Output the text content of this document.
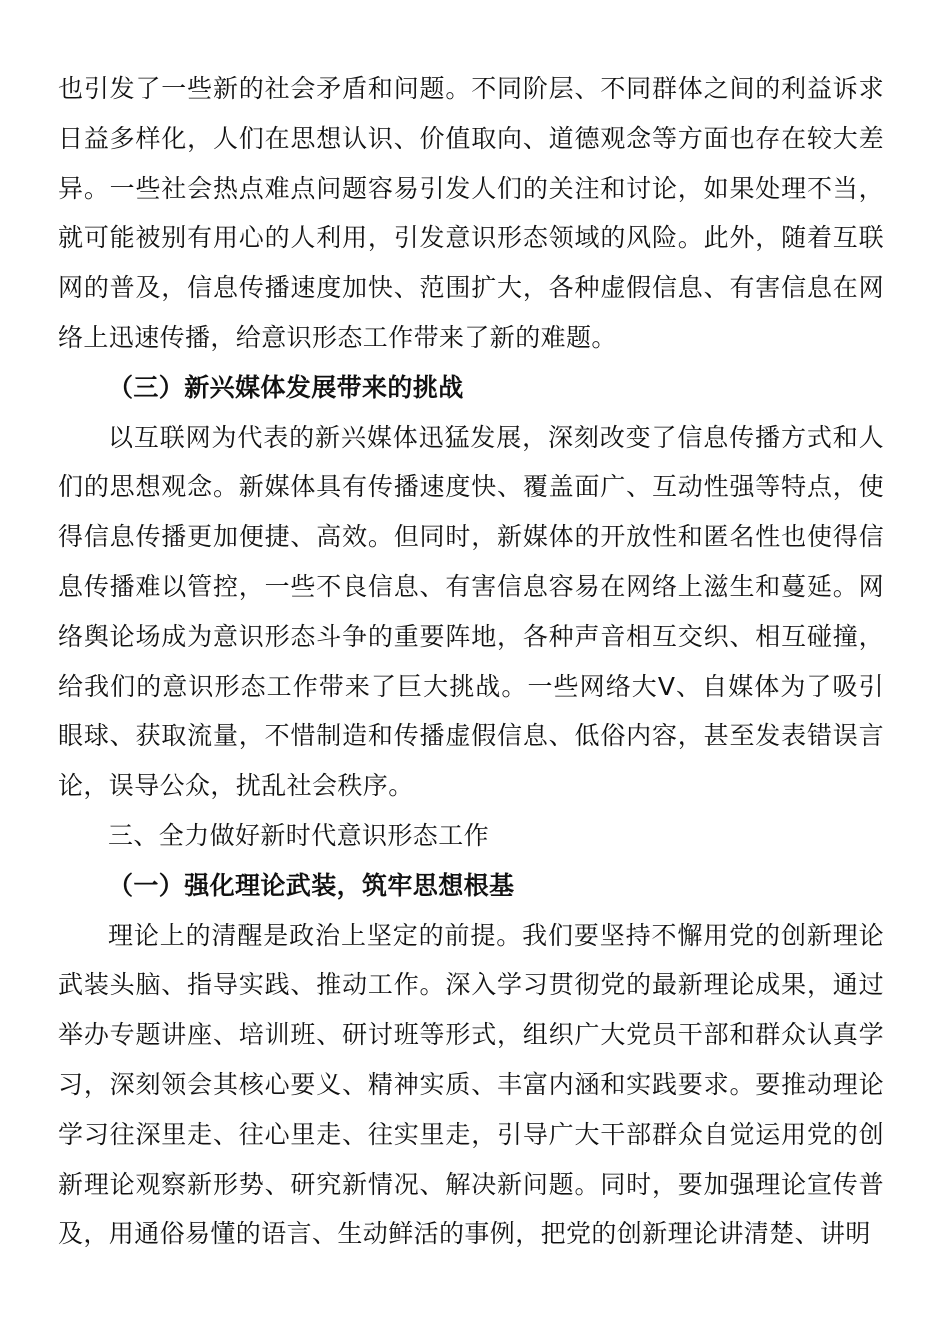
也引发了一些新的社会矛盾和问题。不同阶层、不同群体之间的利益诉求日益多样化，人们在思想认识、价值取向、道德观念等方面也存在较大差异。一些社会热点难点问题容易引发人们的关注和讨论，如果处理不当，就可能被别有用心的人利用，引发意识形态领域的风险。此外，随着互联网的普及，信息传播速度加快、范围扩大，各种虚假信息、有害信息在网络上迅速传播，给意识形态工作带来了新的难题。

（三）新兴媒体发展带来的挑战

以互联网为代表的新兴媒体迅猛发展，深刻改变了信息传播方式和人们的思想观念。新媒体具有传播速度快、覆盖面广、互动性强等特点，使得信息传播更加便捷、高效。但同时，新媒体的开放性和匿名性也使得信息传播难以管控，一些不良信息、有害信息容易在网络上滋生和蔓延。网络舆论场成为意识形态斗争的重要阵地，各种声音相互交织、相互碰撞，给我们的意识形态工作带来了巨大挑战。一些网络大V、自媒体为了吸引眼球、获取流量，不惜制造和传播虚假信息、低俗内容，甚至发表错误言论，误导公众，扰乱社会秩序。

三、全力做好新时代意识形态工作

（一）强化理论武装，筑牢思想根基

理论上的清醒是政治上坚定的前提。我们要坚持不懈用党的创新理论武装头脑、指导实践、推动工作。深入学习贯彻党的最新理论成果，通过举办专题讲座、培训班、研讨班等形式，组织广大党员干部和群众认真学习，深刻领会其核心要义、精神实质、丰富内涵和实践要求。要推动理论学习往深里走、往心里走、往实里走，引导广大干部群众自觉运用党的创新理论观察新形势、研究新情况、解决新问题。同时，要加强理论宣传普及，用通俗易懂的语言、生动鲜活的事例，把党的创新理论讲清楚、讲明
